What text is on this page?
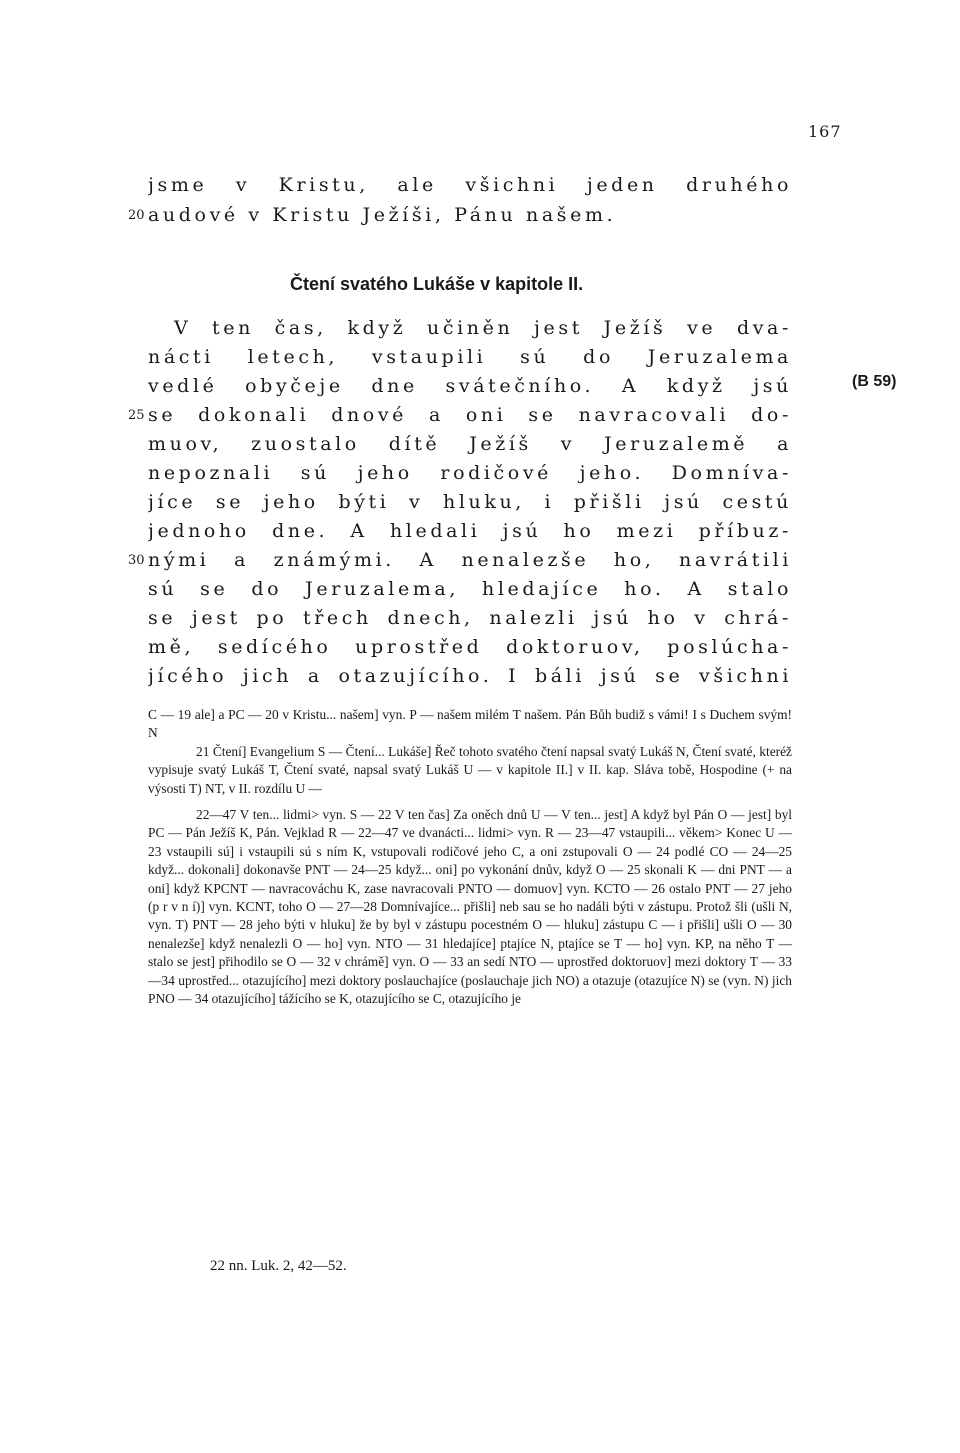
167
jsme v Kristu, ale všichni jeden druhého
20 audové v Kristu Ježíši, Pánu našem.
Čtení svatého Lukáše v kapitole II.
V ten čas, když učiněn jest Ježíš ve dva-
nácti letech, vstaupili sú do Jeruzalema
vedlé obyčeje dne svátečního. A když jsú	(B 59)
25 se dokonali dnové a oni se navracovali do-
muov, zuostalo dítě Ježíš v Jeruzalemě a
nepoznali sú jeho rodičové jeho. Domníva-
jíce se jeho býti v hluku, i přišli jsú cestú
jednoho dne. A hledali jsú ho mezi příbuz-
30 nými a známými. A nenalezše ho, navrátili
sú se do Jeruzalema, hledajíce ho. A stalo
se jest po třech dnech, nalezli jsú ho v chrá-
mě, sedícého uprostřed doktoruov, poslúcha-
jícého jich a otazujícího. I báli jsú se všichni

C — 19 ale] a PC — 20 v Kristu... našem] vyn. P — našem milém T našem. Pán Bůh budiž s vámi! I s Duchem svým! N

21 Čtení] Evangelium S — Čtení... Lukáše] Řeč tohoto svatého čtení napsal svatý Lukáš N, Čtení svaté, kteréž vypisuje svatý Lukáš T, Čtení svaté, napsal svatý Lukáš U — v kapitole II.] v II. kap. Sláva tobě, Hospodine (+ na výsosti T) NT, v II. rozdílu U —

22—47 V ten... lidmi> vyn. S — 22 V ten čas] Za oněch dnů U — V ten... jest] A když byl Pán O — jest] byl PC — Pán Ježíš K, Pán. Vejklad R — 22—47 ve dvanácti... lidmi> vyn. R — 23—47 vstaupili... věkem> Konec U — 23 vstaupili sú] i vstaupili sú s ním K, vstupovali rodičové jeho C, a oni zstupovali O — 24 podlé CO — 24—25 když... dokonali] dokonavše PNT — 24—25 když... oni] po vykonání dnův, když O — 25 skonali K — dni PNT — a oni] když KPCNT — navracováchu K, zase navracovali PNTO — domuov] vyn. KCTO — 26 ostalo PNT — 27 jeho (p r v n í)] vyn. KCNT, toho O — 27—28 Domnívajíce... přišli] neb sau se ho nadáli býti v zástupu. Protož šli (ušli N, vyn. T) PNT — 28 jeho býti v hluku] že by byl v zástupu pocestném O — hluku] zástupu C — i přišli] ušli O — 30 nenalezše] když nenalezli O — ho] vyn. NTO — 31 hledajíce] ptajíce N, ptajíce se T — ho] vyn. KP, na něho T — stalo se jest] přihodilo se O — 32 v chrámě] vyn. O — 33 an sedí NTO — uprostřed doktoruov] mezi doktory T — 33—34 uprostřed... otazujícího] mezi doktory poslauchajíce (poslauchaje jich NO) a otazuje (otazujíce N) se (vyn. N) jich PNO — 34 otazujícího] tážícího se K, otazujícího se C, otazujícího je

22 nn. Luk. 2, 42—52.
